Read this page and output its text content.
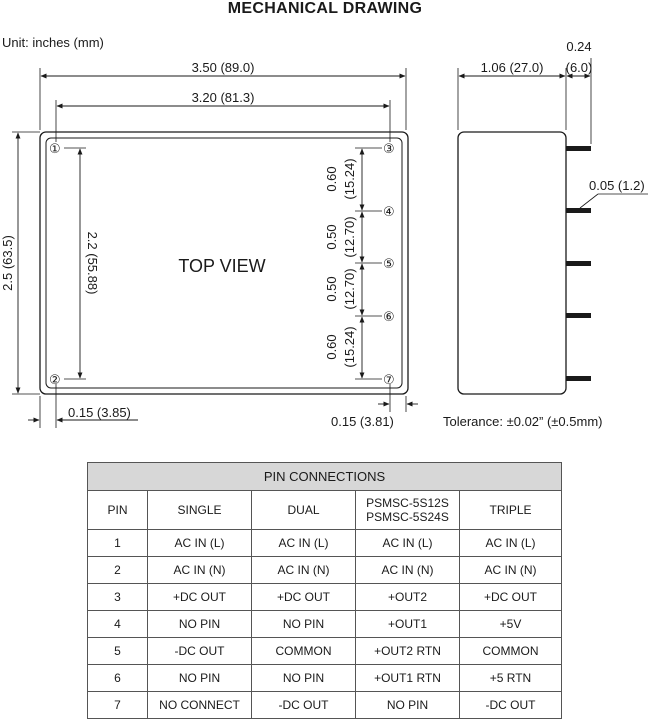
MECHANICAL DRAWING
Unit: inches (mm)
①
②
③
④
⑤
⑥
⑦
3.50 (89.0)
3.20 (81.3)
2.5 (63.5)	2.2 (55.88)	TOP VIEW
0.15 (3.85)
0.15 (3.81)
0.60 (15.24)
0.50 (12.70)
0.50 (12.70)
0.60 (15.24)
1.06 (27.0)
0.24
(6.0)
0.05 (1.2)
Tolerance: ±0.02” (±0.5mm)
PIN CONNECTIONS				
PIN	SINGLE	DUAL	PSMSC-5S12S
PSMSC-5S24S	TRIPLE
1	AC IN (L)	AC IN (L)	AC IN (L)	AC IN (L)
2	AC IN (N)	AC IN (N)	AC IN (N)	AC IN (N)
3	+DC OUT	+DC OUT	+OUT2	+DC OUT
4	NO PIN	NO PIN	+OUT1	+5V
5	-DC OUT	COMMON	+OUT2 RTN	COMMON
6	NO PIN	NO PIN	+OUT1 RTN	+5 RTN
7	NO CONNECT	-DC OUT	NO PIN	-DC OUT
